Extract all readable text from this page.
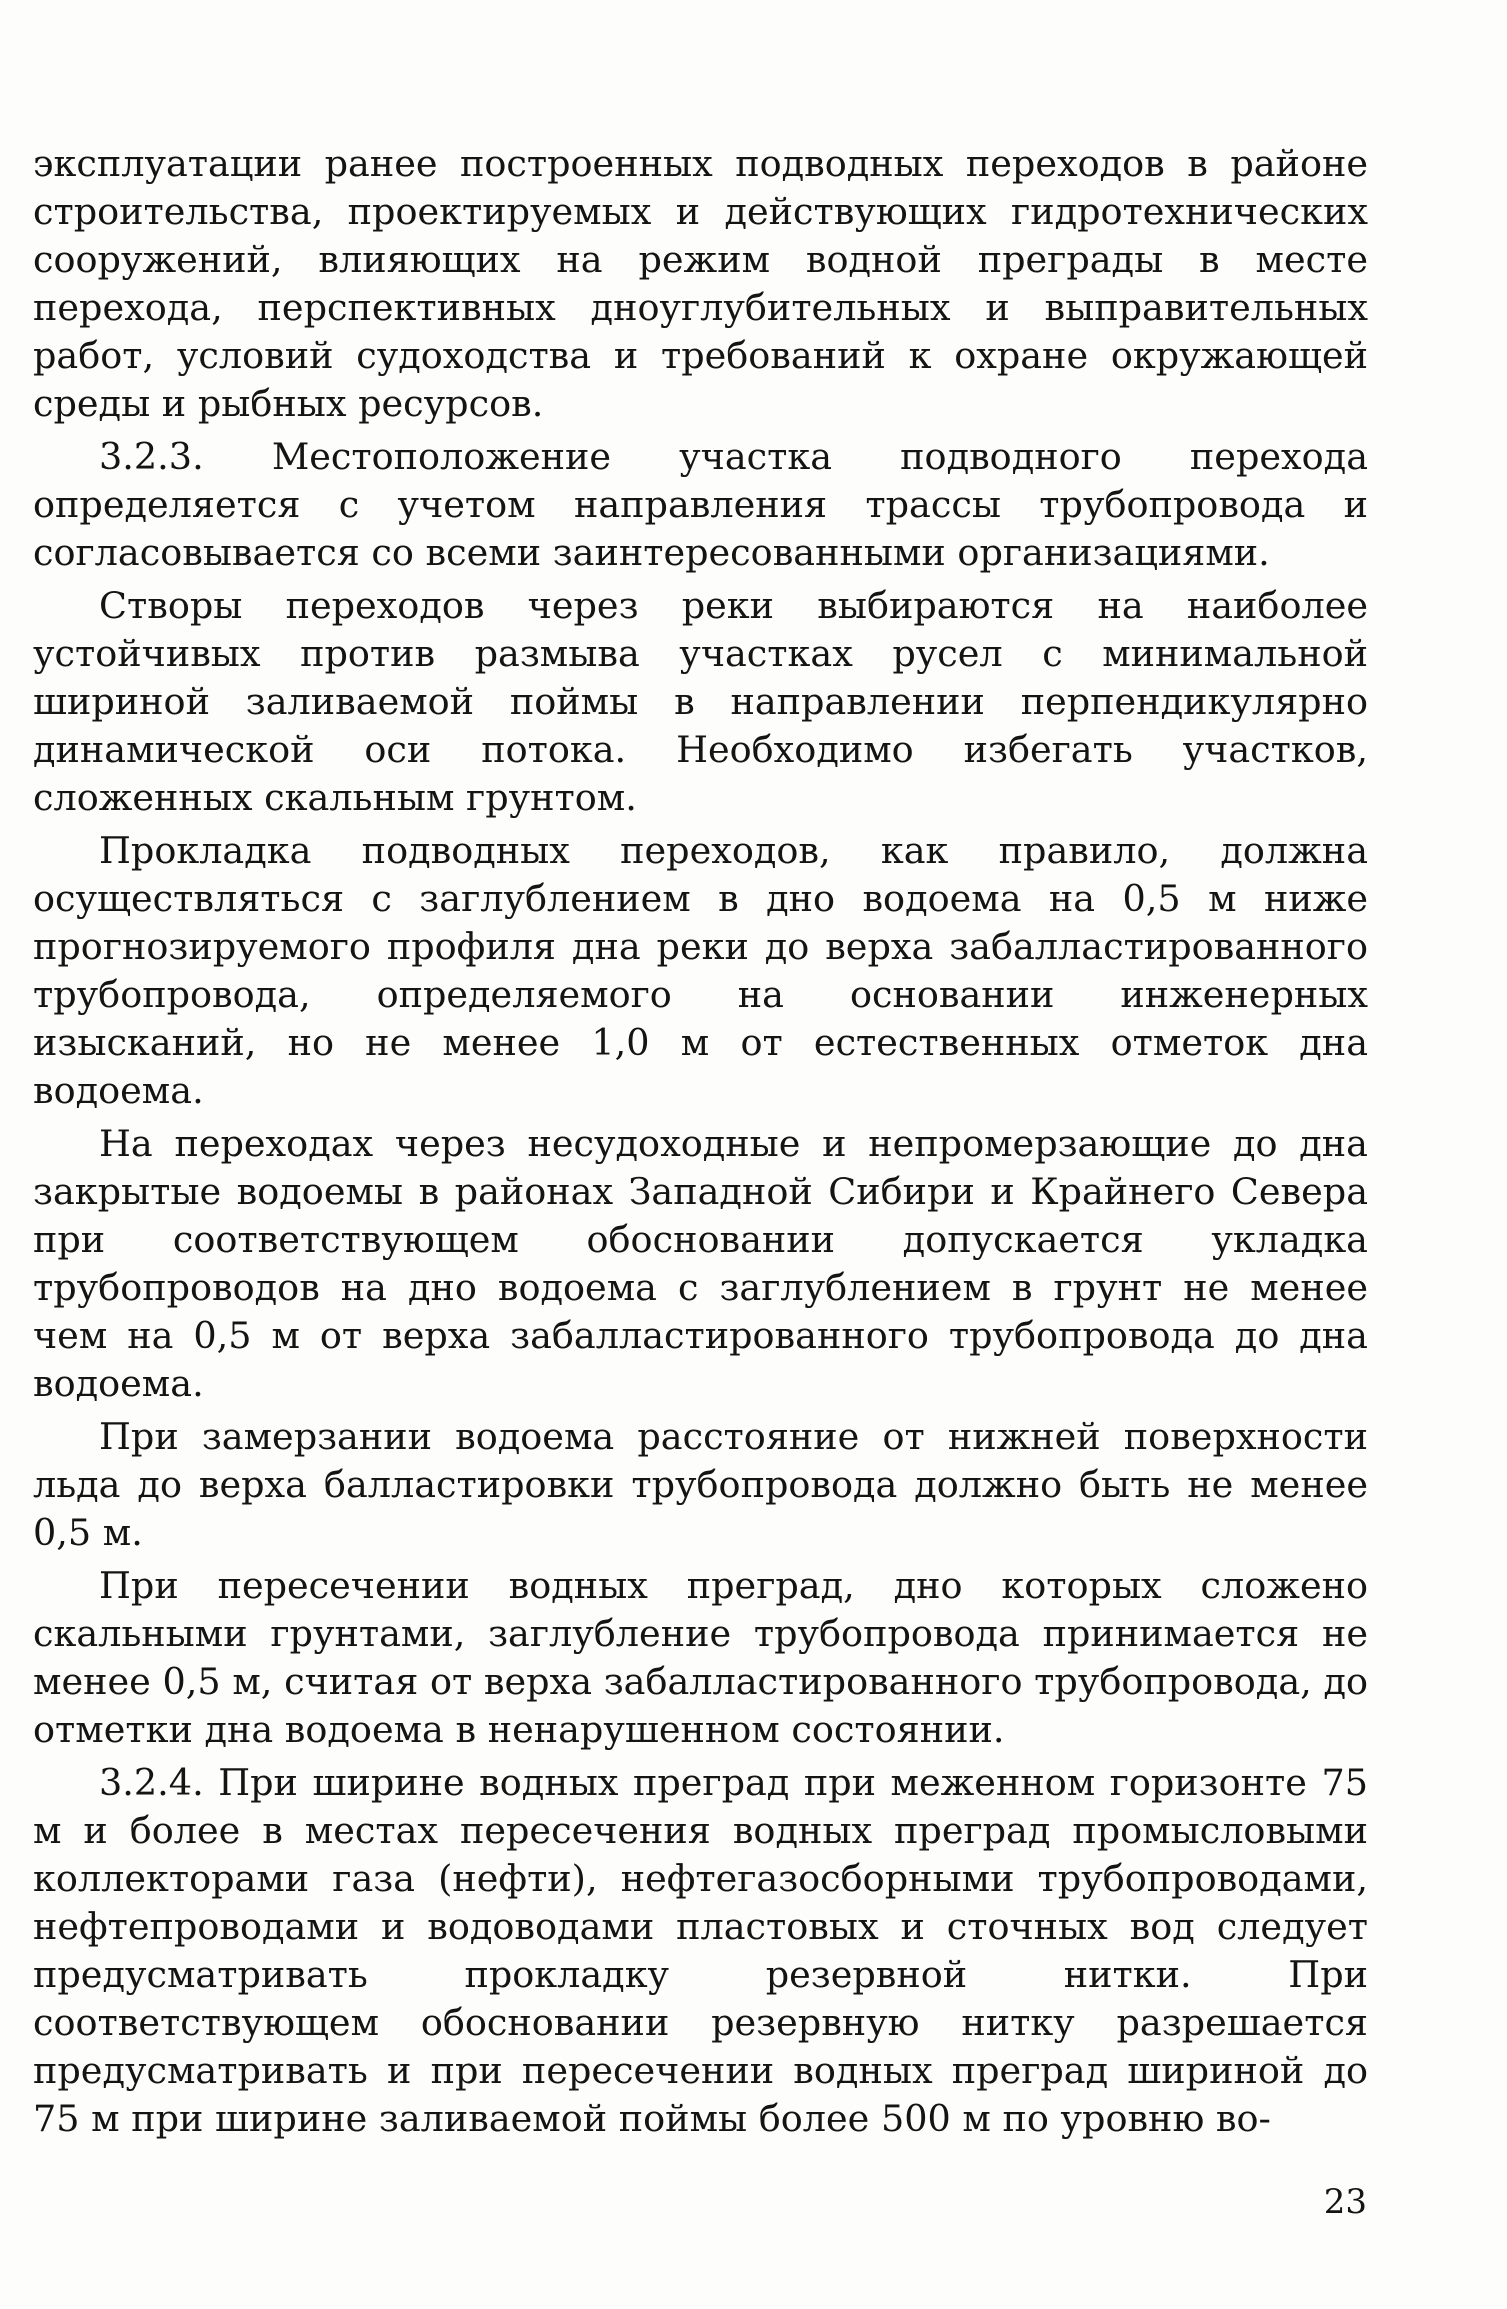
эксплуатации ранее построенных подводных переходов в районе строительства, проектируемых и действующих гидротехнических сооружений, влияющих на режим водной преграды в месте перехода, перспективных дноуглубительных и выправительных работ, условий судоходства и требований к охране окружающей среды и рыбных ресурсов.

3.2.3. Местоположение участка подводного перехода определяется с учетом направления трассы трубопровода и согласовывается со всеми заинтересованными организациями.

Створы переходов через реки выбираются на наиболее устойчивых против размыва участках русел с минимальной шириной заливаемой поймы в направлении перпендикулярно динамической оси потока. Необходимо избегать участков, сложенных скальным грунтом.

Прокладка подводных переходов, как правило, должна осуществляться с заглублением в дно водоема на 0,5 м ниже прогнозируемого профиля дна реки до верха забалластированного трубопровода, определяемого на основании инженерных изысканий, но не менее 1,0 м от естественных отметок дна водоема.

На переходах через несудоходные и непромерзающие до дна закрытые водоемы в районах Западной Сибири и Крайнего Севера при соответствующем обосновании допускается укладка трубопроводов на дно водоема с заглублением в грунт не менее чем на 0,5 м от верха забалластированного трубопровода до дна водоема.

При замерзании водоема расстояние от нижней поверхности льда до верха балластировки трубопровода должно быть не менее 0,5 м.

При пересечении водных преград, дно которых сложено скальными грунтами, заглубление трубопровода принимается не менее 0,5 м, считая от верха забалластированного трубопровода, до отметки дна водоема в ненарушенном состоянии.

3.2.4. При ширине водных преград при меженном горизонте 75 м и более в местах пересечения водных преград промысловыми коллекторами газа (нефти), нефтегазосборными трубопроводами, нефтепроводами и водоводами пластовых и сточных вод следует предусматривать прокладку резервной нитки. При соответствующем обосновании резервную нитку разрешается предусматривать и при пересечении водных преград шириной до 75 м при ширине заливаемой поймы более 500 м по уровню во-

23
